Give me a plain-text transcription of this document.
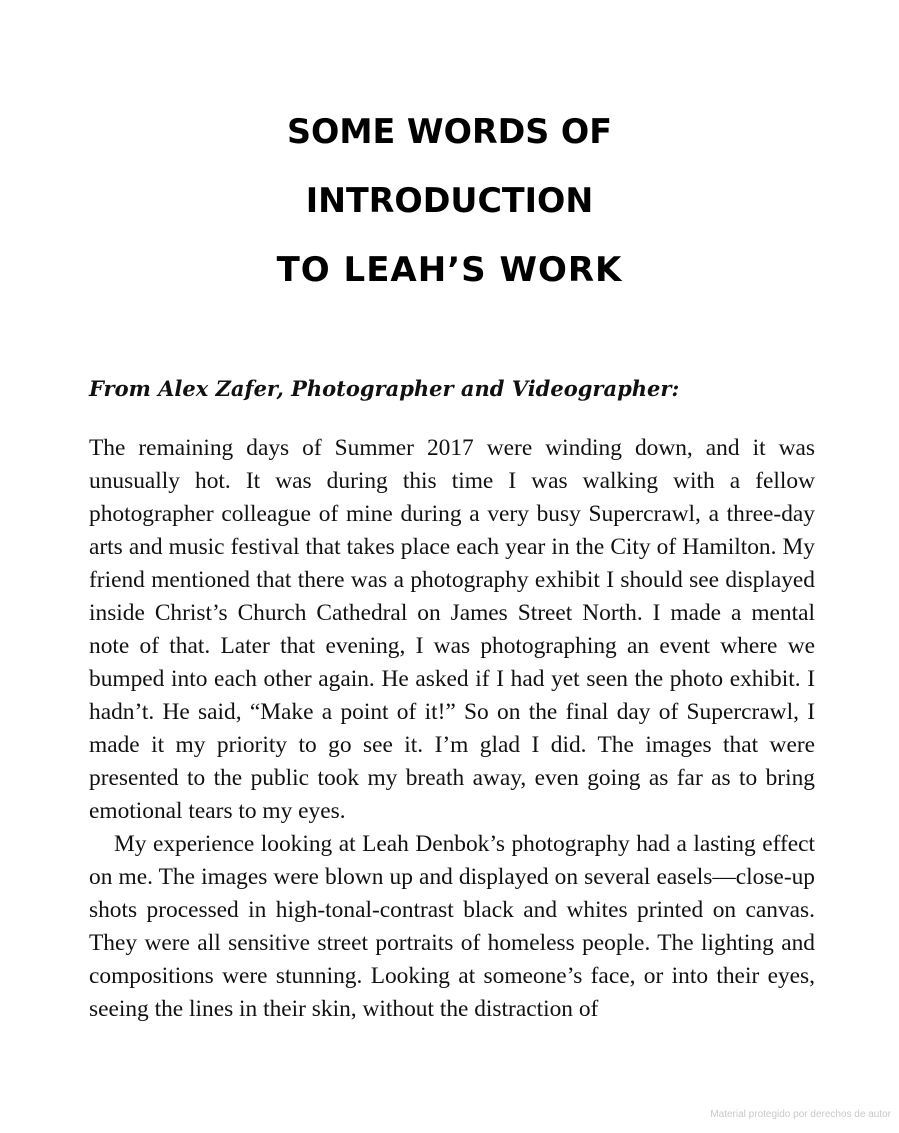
SOME WORDS OF
INTRODUCTION
TO LEAH’S WORK
From Alex Zafer, Photographer and Videographer:

The remaining days of Summer 2017 were winding down, and it was unusually hot. It was during this time I was walking with a fellow photographer colleague of mine during a very busy Supercrawl, a three-day arts and music festival that takes place each year in the City of Hamilton. My friend mentioned that there was a photography exhibit I should see displayed inside Christ’s Church Cathedral on James Street North. I made a mental note of that. Later that evening, I was photographing an event where we bumped into each other again. He asked if I had yet seen the photo exhibit. I hadn’t. He said, “Make a point of it!” So on the final day of Supercrawl, I made it my priority to go see it. I’m glad I did. The images that were presented to the public took my breath away, even going as far as to bring emotional tears to my eyes.

My experience looking at Leah Denbok’s photography had a lasting effect on me. The images were blown up and displayed on several easels—close-up shots processed in high-tonal-contrast black and whites printed on canvas. They were all sensitive street portraits of homeless people. The lighting and compositions were stunning. Looking at someone’s face, or into their eyes, seeing the lines in their skin, without the distraction of

Material protegido por derechos de autor
